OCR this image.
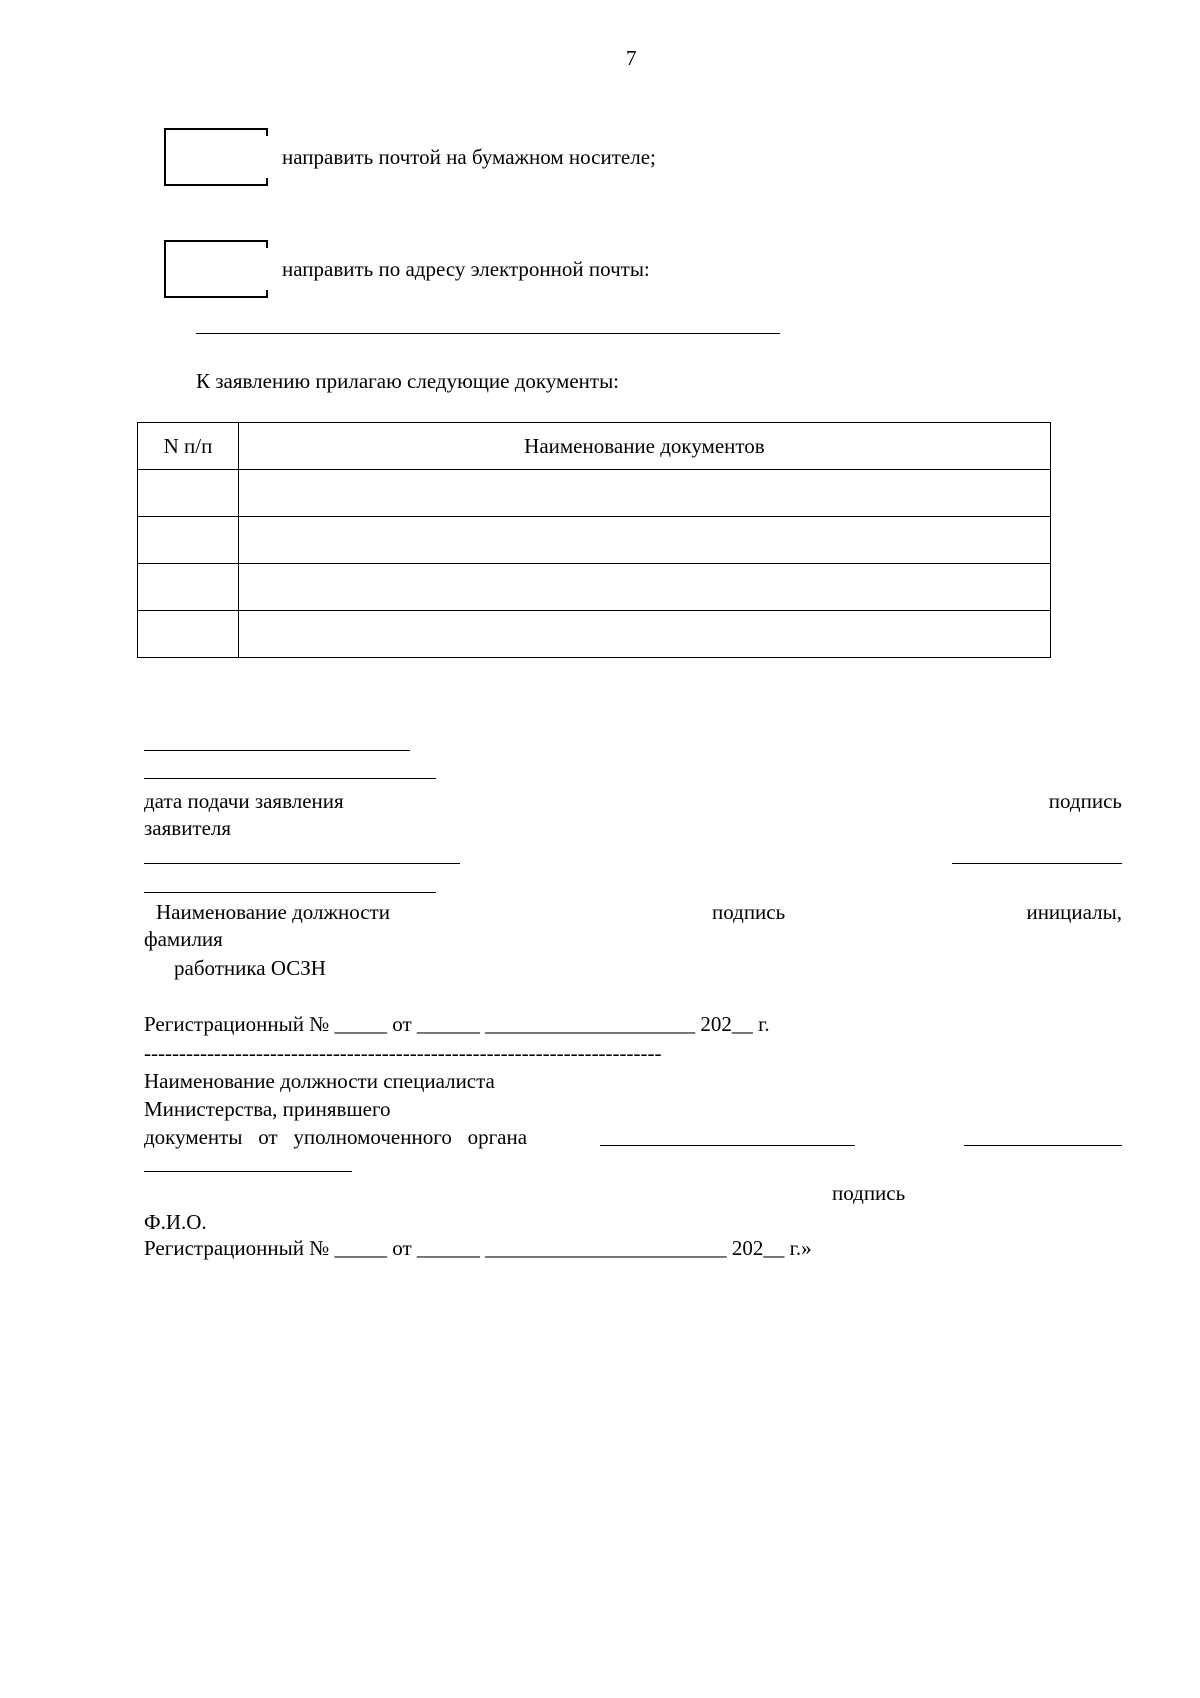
7
направить почтой на бумажном носителе;
направить по адресу электронной почты:
К заявлению прилагаю следующие документы:
N п/п	Наименование документов

дата подачи заявления	подпись
заявителя
Наименование должности	подпись	инициалы,
фамилия
работника ОСЗН
Регистрационный № _____ от ______ ____________________ 202__ г.
--------------------------------------------------------------------------
Наименование должности специалиста
Министерства, принявшего
документы   от   уполномоченного   органа
подпись
Ф.И.О.
Регистрационный № _____ от ______ _______________________ 202__ г.»
